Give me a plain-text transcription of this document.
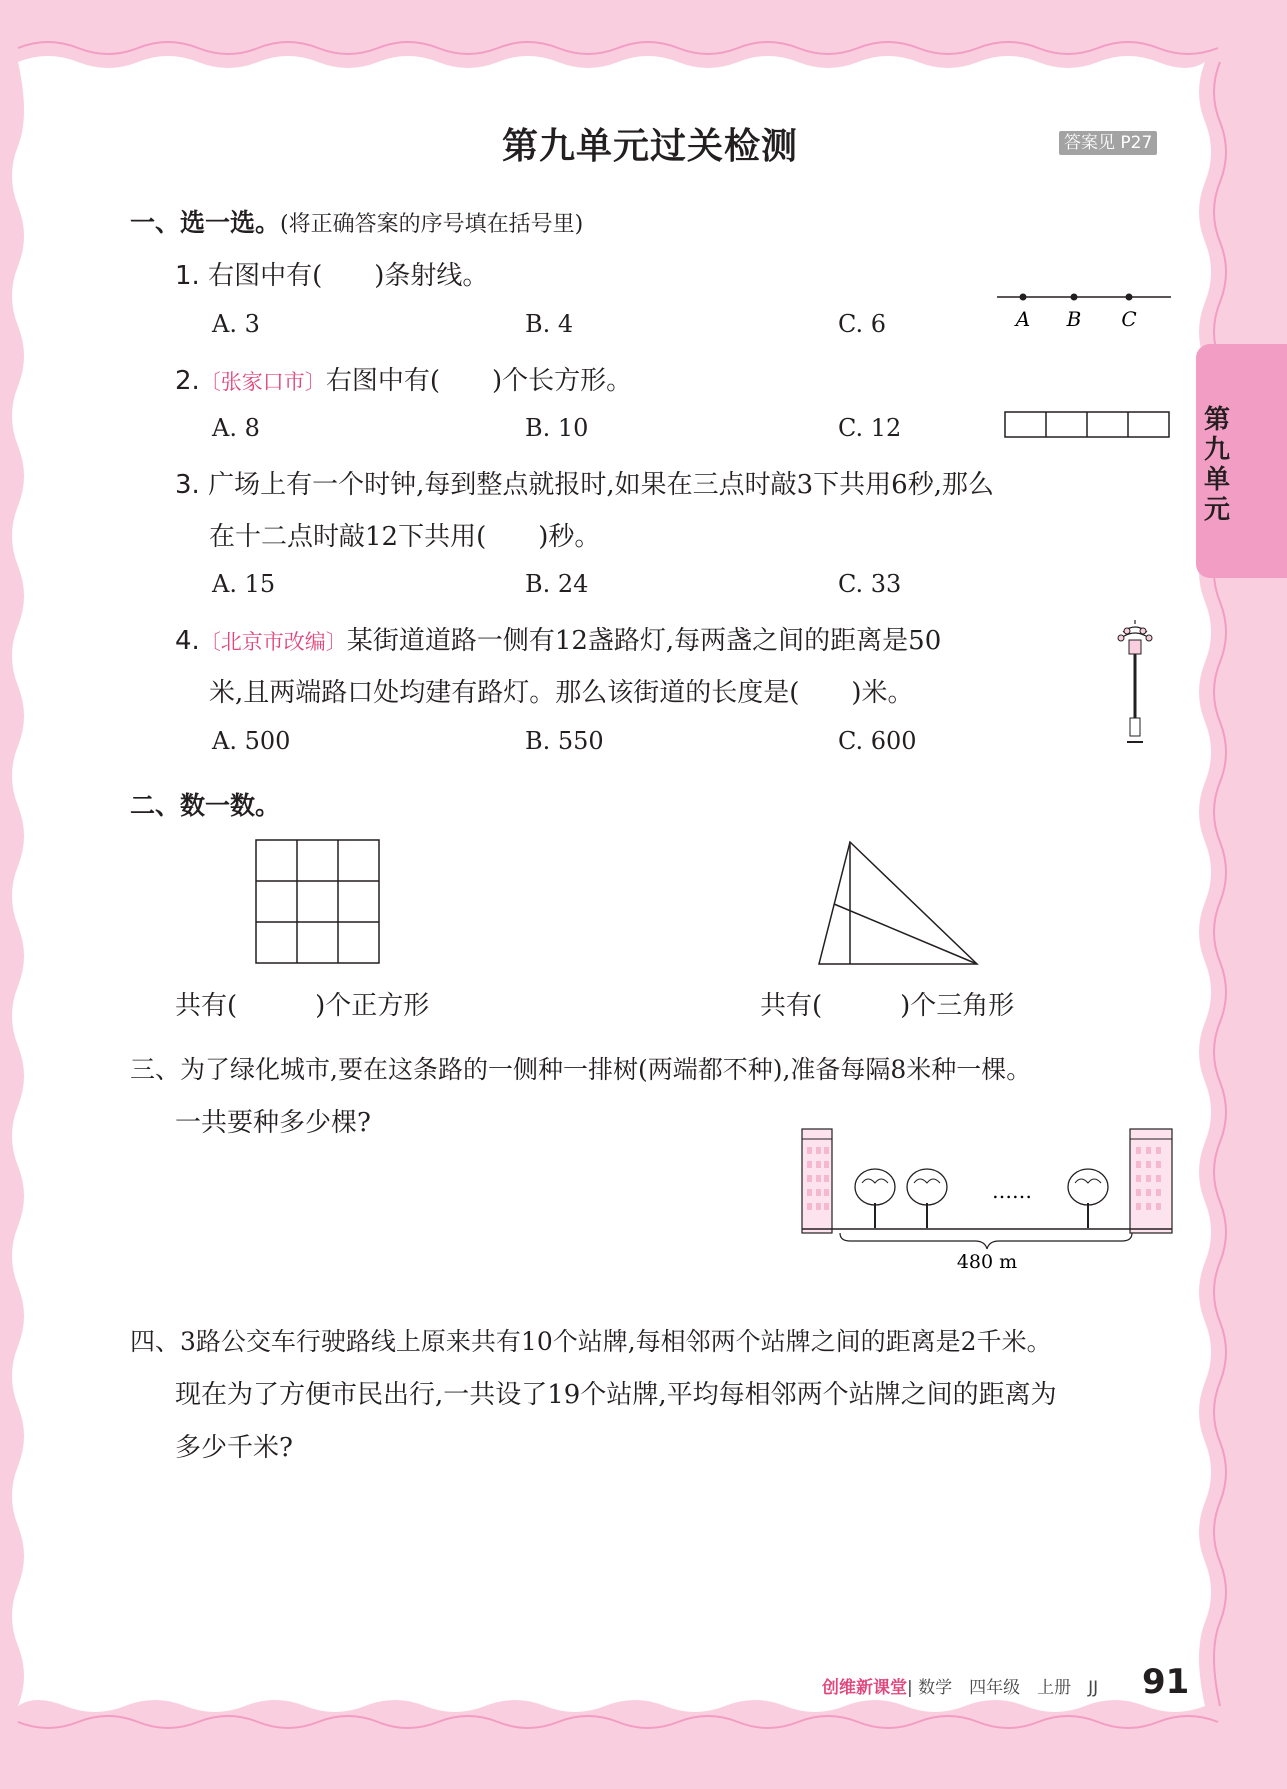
第九单元
第九单元过关检测	答案见 P27
一、选一选。(将正确答案的序号填在括号里)
1. 右图中有(　　)条射线。
A. 3	B. 4	C. 6	A B C
2.〔张家口市〕右图中有(　　)个长方形。
A. 8	B. 10	C. 12
3. 广场上有一个时钟,每到整点就报时,如果在三点时敲3下共用6秒,那么
在十二点时敲12下共用(　　)秒。
A. 15	B. 24	C. 33
4.〔北京市改编〕某街道道路一侧有12盏路灯,每两盏之间的距离是50
米,且两端路口处均建有路灯。那么该街道的长度是(　　)米。
A. 500	B. 550	C. 600
二、数一数。
共有(　　　)个正方形	共有(　　　)个三角形
三、为了绿化城市,要在这条路的一侧种一排树(两端都不种),准备每隔8米种一棵。
一共要种多少棵?
……
480 m
四、3路公交车行驶路线上原来共有10个站牌,每相邻两个站牌之间的距离是2千米。
现在为了方便市民出行,一共设了19个站牌,平均每相邻两个站牌之间的距离为
多少千米?
创维新课堂| 数学　四年级　上册　JJ 91
